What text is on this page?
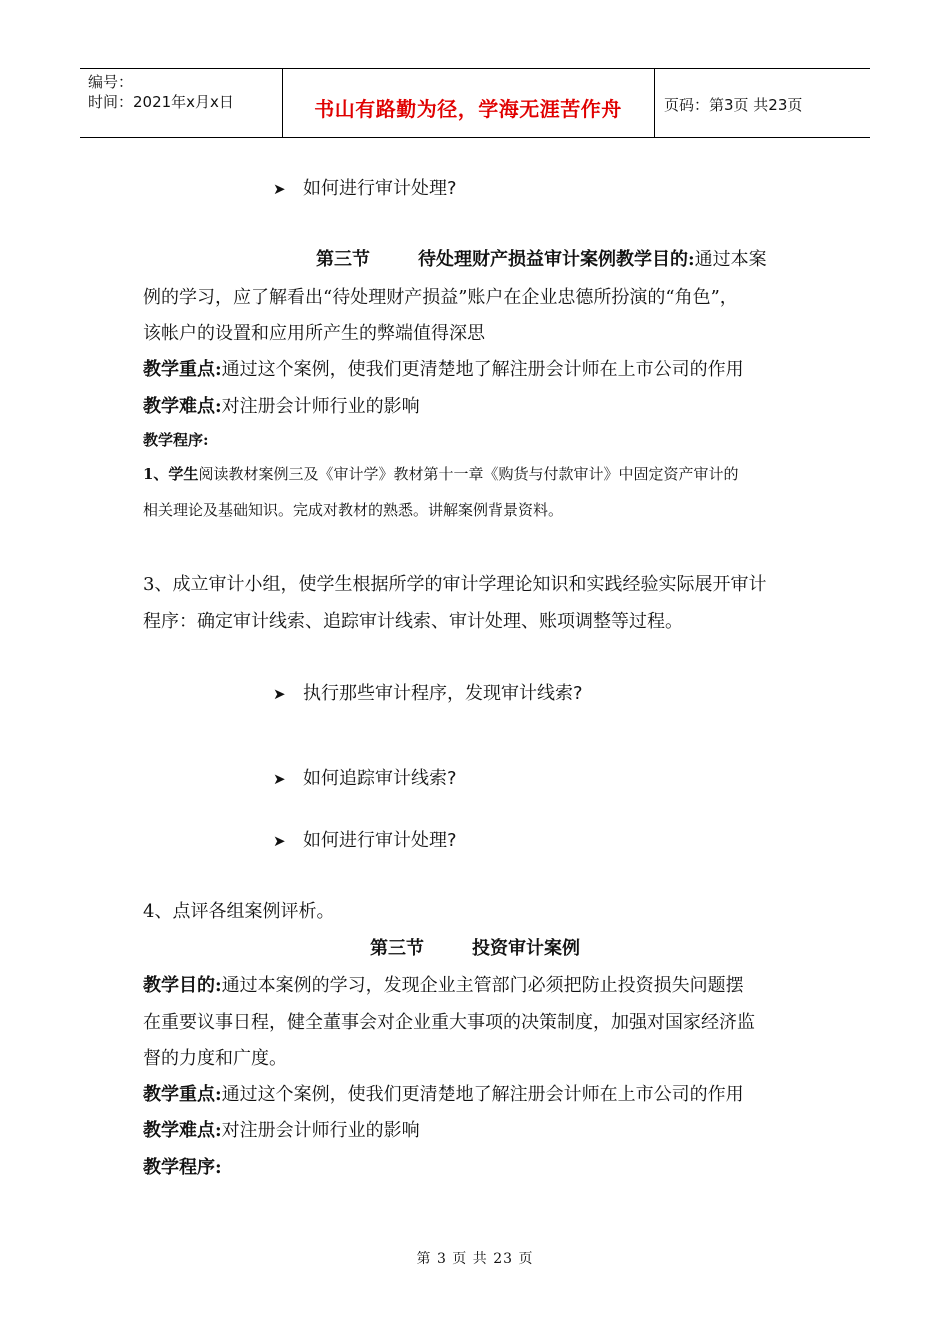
编号：
时间：2021年x月x日	书山有路勤为径，学海无涯苦作舟	页码：第3页 共23页
➤ 如何进行审计处理?
第三节	待处理财产损益审计案例教学目的:通过本案
例的学习，应了解看出“待处理财产损益”账户在企业忠德所扮演的“角色”，
该帐户的设置和应用所产生的弊端值得深思
教学重点:通过这个案例，使我们更清楚地了解注册会计师在上市公司的作用
教学难点:对注册会计师行业的影响
教学程序:
1、学生阅读教材案例三及《审计学》教材第十一章《购货与付款审计》中固定资产审计的
相关理论及基础知识。完成对教材的熟悉。讲解案例背景资料。
3、成立审计小组，使学生根据所学的审计学理论知识和实践经验实际展开审计
程序：确定审计线索、追踪审计线索、审计处理、账项调整等过程。
➤ 执行那些审计程序，发现审计线索?
➤ 如何追踪审计线索?
➤ 如何进行审计处理?
4、点评各组案例评析。
第三节	投资审计案例
教学目的:通过本案例的学习，发现企业主管部门必须把防止投资损失问题摆
在重要议事日程，健全董事会对企业重大事项的决策制度，加强对国家经济监
督的力度和广度。
教学重点:通过这个案例，使我们更清楚地了解注册会计师在上市公司的作用
教学难点:对注册会计师行业的影响
教学程序:
第 3 页 共 23 页
